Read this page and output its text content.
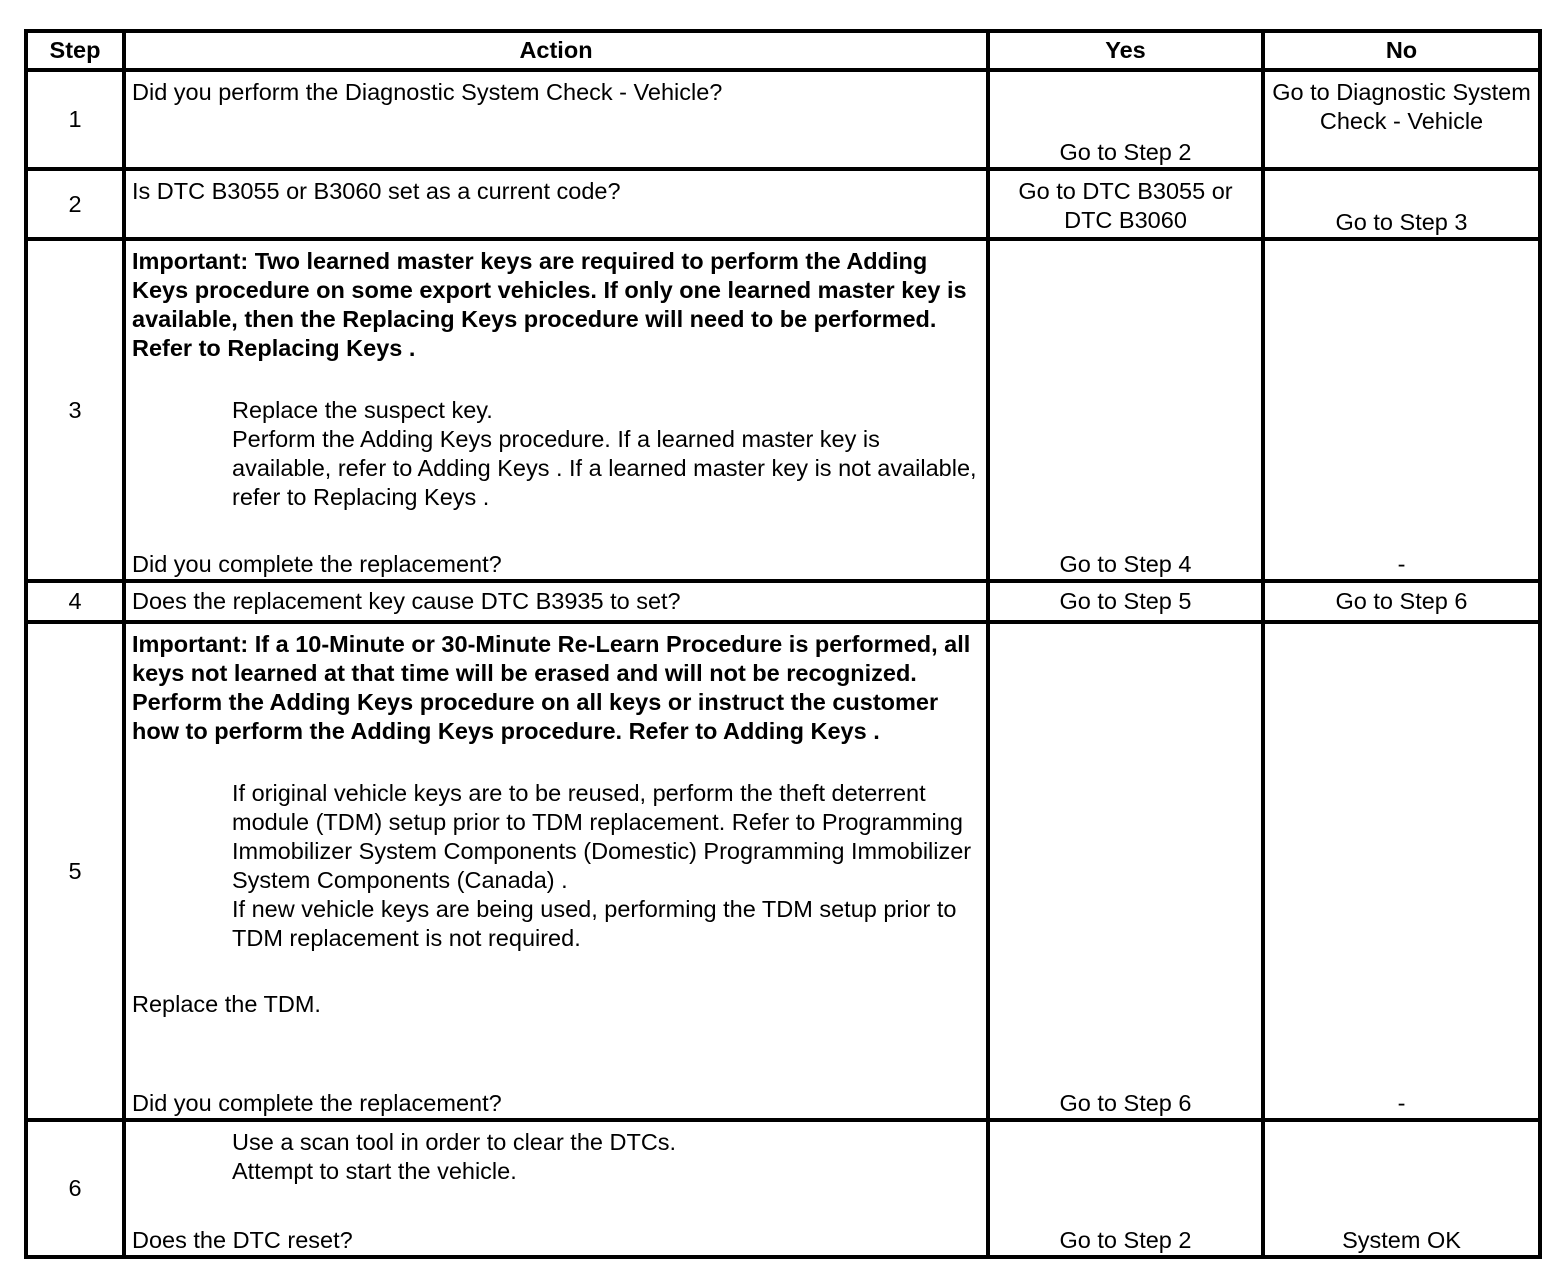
Step	Action	Yes	No
1	Did you perform the Diagnostic System Check - Vehicle?	Go to Step 2	Go to Diagnostic System Check - Vehicle

2	Is DTC B3055 or B3060 set as a current code?	Go to DTC B3055 or DTC B3060	Go to Step 3

3	Important: Two learned master keys are required to perform the Adding Keys procedure on some export vehicles. If only one learned master key is available, then the Replacing Keys procedure will need to be performed. Refer to Replacing Keys .
Replace the suspect key.
Perform the Adding Keys procedure. If a learned master key is available, refer to Adding Keys . If a learned master key is not available, refer to Replacing Keys .
Did you complete the replacement?	Go to Step 4	-

4	Does the replacement key cause DTC B3935 to set?	Go to Step 5	Go to Step 6

5	Important: If a 10-Minute or 30-Minute Re-Learn Procedure is performed, all keys not learned at that time will be erased and will not be recognized. Perform the Adding Keys procedure on all keys or instruct the customer how to perform the Adding Keys procedure. Refer to Adding Keys .
If original vehicle keys are to be reused, perform the theft deterrent module (TDM) setup prior to TDM replacement. Refer to Programming Immobilizer System Components (Domestic) Programming Immobilizer System Components (Canada) .
If new vehicle keys are being used, performing the TDM setup prior to TDM replacement is not required.
Replace the TDM.
Did you complete the replacement?	Go to Step 6	-

6	Use a scan tool in order to clear the DTCs.
Attempt to start the vehicle.
Does the DTC reset?	Go to Step 2	System OK
